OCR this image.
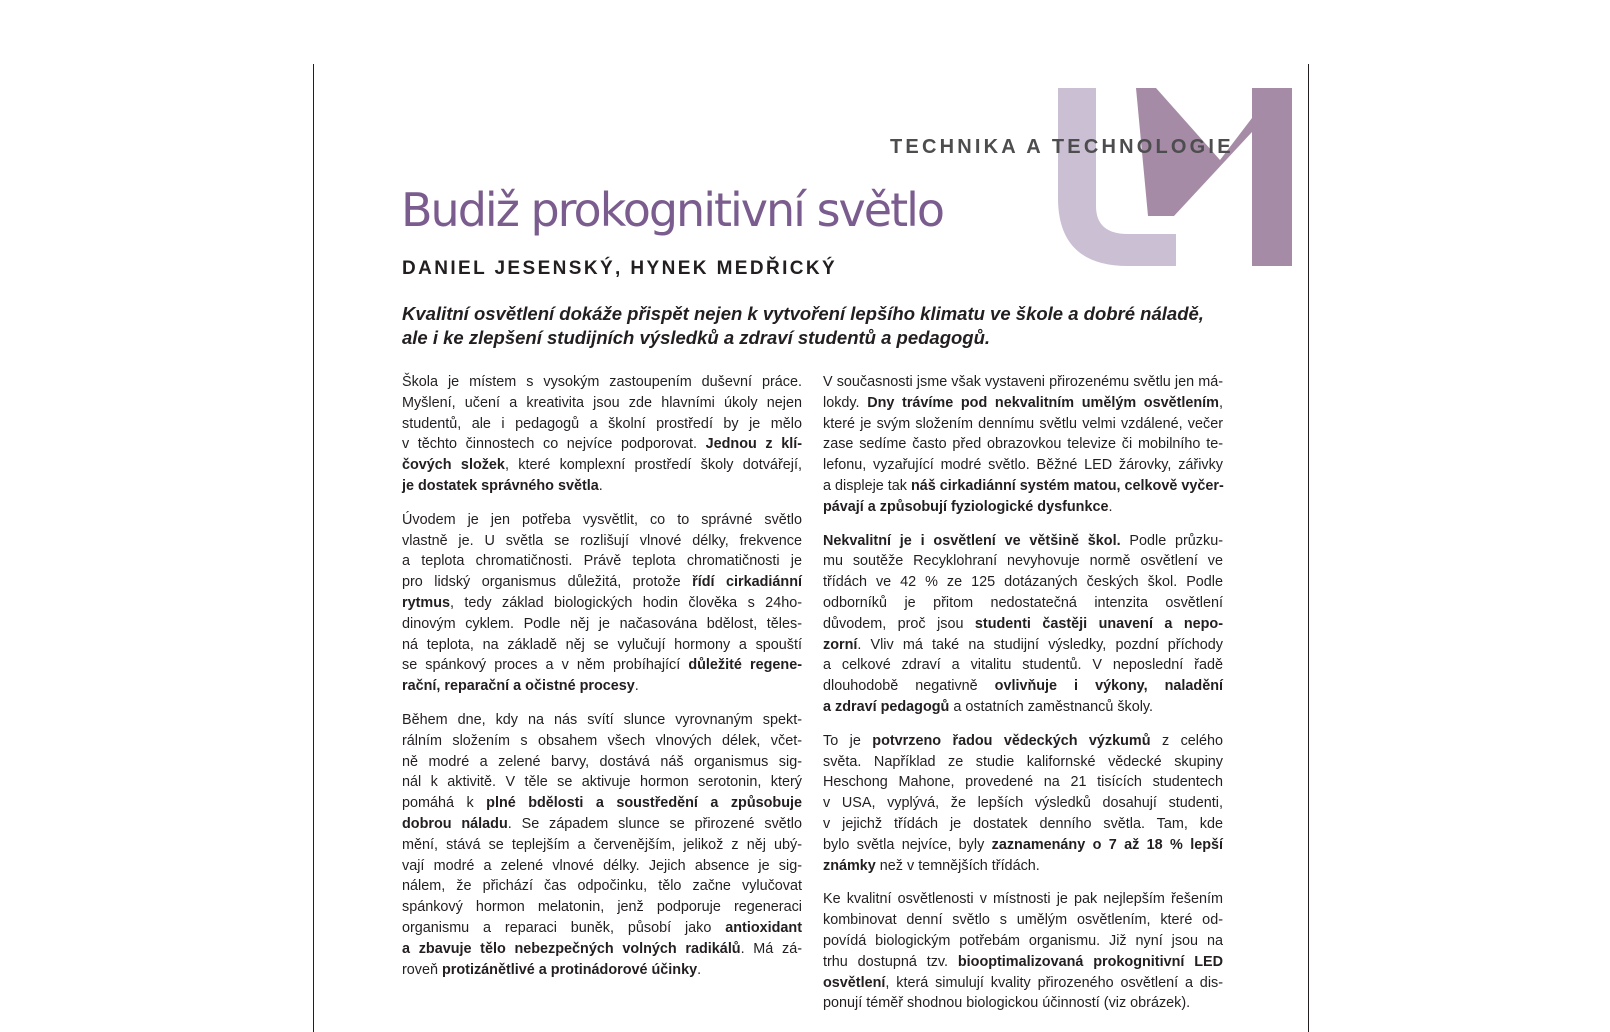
TECHNIKA A TECHNOLOGIE
Budiž prokognitivní světlo
DANIEL JESENSKÝ, HYNEK MEDŘICKÝ
Kvalitní osvětlení dokáže přispět nejen k vytvoření lepšího klimatu ve škole a dobré náladě,
ale i ke zlepšení studijních výsledků a zdraví studentů a pedagogů.
Škola je místem s vysokým zastoupením duševní práce.
Myšlení, učení a kreativita jsou zde hlavními úkoly nejen
studentů, ale i pedagogů a školní prostředí by je mělo
v těchto činnostech co nejvíce podporovat. Jednou z klí-
čových složek, které komplexní prostředí školy dotvářejí,
je dostatek správného světla.
Úvodem je jen potřeba vysvětlit, co to správné světlo
vlastně je. U světla se rozlišují vlnové délky, frekvence
a teplota chromatičnosti. Právě teplota chromatičnosti je
pro lidský organismus důležitá, protože řídí cirkadiánní
rytmus, tedy základ biologických hodin člověka s 24ho-
dinovým cyklem. Podle něj je načasována bdělost, těles-
ná teplota, na základě něj se vylučují hormony a spouští
se spánkový proces a v něm probíhající důležité regene-
rační, reparační a očistné procesy.
Během dne, kdy na nás svítí slunce vyrovnaným spekt-
rálním složením s obsahem všech vlnových délek, včet-
ně modré a zelené barvy, dostává náš organismus sig-
nál k aktivitě. V těle se aktivuje hormon serotonin, který
pomáhá k plné bdělosti a soustředění a způsobuje
dobrou náladu. Se západem slunce se přirozené světlo
mění, stává se teplejším a červenějším, jelikož z něj ubý-
vají modré a zelené vlnové délky. Jejich absence je sig-
nálem, že přichází čas odpočinku, tělo začne vylučovat
spánkový hormon melatonin, jenž podporuje regeneraci
organismu a reparaci buněk, působí jako antioxidant
a zbavuje tělo nebezpečných volných radikálů. Má zá-
roveň protizánětlivé a protinádorové účinky.
V současnosti jsme však vystaveni přirozenému světlu jen má-
lokdy. Dny trávíme pod nekvalitním umělým osvětlením,
které je svým složením dennímu světlu velmi vzdálené, večer
zase sedíme často před obrazovkou televize či mobilního te-
lefonu, vyzařující modré světlo. Běžné LED žárovky, zářivky
a displeje tak náš cirkadiánní systém matou, celkově vyčer-
pávají a způsobují fyziologické dysfunkce.
Nekvalitní je i osvětlení ve většině škol. Podle průzku-
mu soutěže Recyklohraní nevyhovuje normě osvětlení ve
třídách ve 42 % ze 125 dotázaných českých škol. Podle
odborníků je přitom nedostatečná intenzita osvětlení
důvodem, proč jsou studenti častěji unavení a nepo-
zorní. Vliv má také na studijní výsledky, pozdní příchody
a celkové zdraví a vitalitu studentů. V neposlední řadě
dlouhodobě negativně ovlivňuje i výkony, naladění
a zdraví pedagogů a ostatních zaměstnanců školy.
To je potvrzeno řadou vědeckých výzkumů z celého
světa. Například ze studie kalifornské vědecké skupiny
Heschong Mahone, provedené na 21 tisících studentech
v USA, vyplývá, že lepších výsledků dosahují studenti,
v jejichž třídách je dostatek denního světla. Tam, kde
bylo světla nejvíce, byly zaznamenány o 7 až 18 % lepší
známky než v temnějších třídách.
Ke kvalitní osvětlenosti v místnosti je pak nejlepším řešením
kombinovat denní světlo s umělým osvětlením, které od-
povídá biologickým potřebám organismu. Již nyní jsou na
trhu dostupná tzv. biooptimalizovaná prokognitivní LED
osvětlení, která simulují kvality přirozeného osvětlení a dis-
ponují téměř shodnou biologickou účinností (viz obrázek).
